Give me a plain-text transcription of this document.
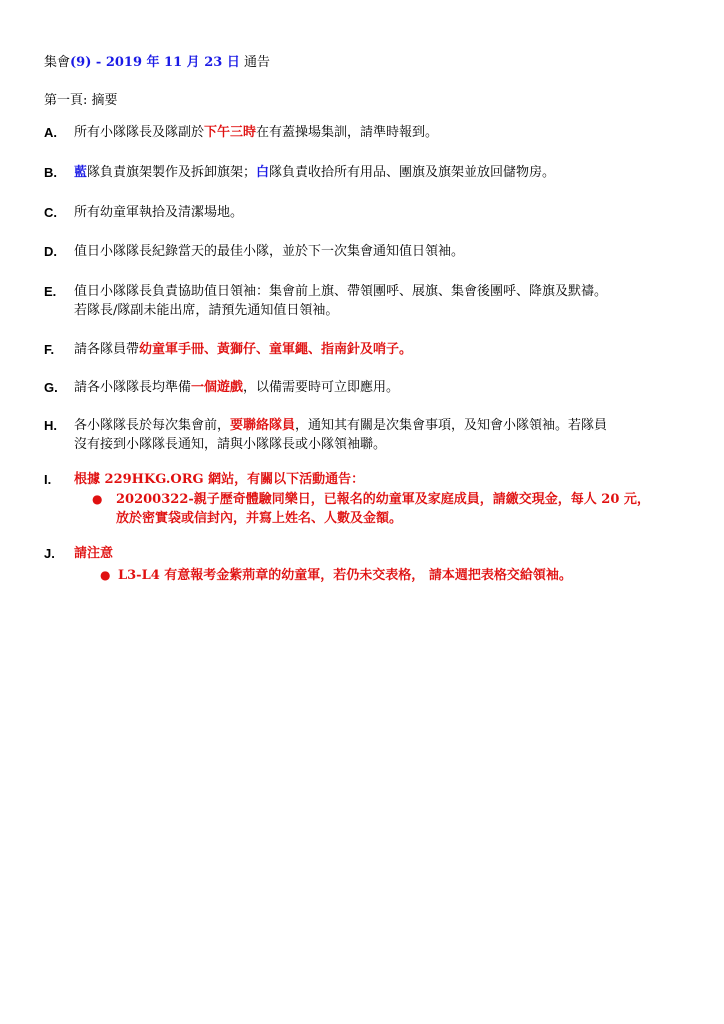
集會(9) - 2019 年 11 月 23 日 通告
第一頁: 摘要
A. 所有小隊隊長及隊副於下午三時在有蓋操場集訓，請準時報到。
B. 藍隊負責旗架製作及拆卸旗架；白隊負責收拾所有用品、團旗及旗架並放回儲物房。
C. 所有幼童軍執拾及清潔場地。
D. 值日小隊隊長紀錄當天的最佳小隊，並於下一次集會通知值日領袖。
E. 值日小隊隊長負責協助值日領袖：集會前上旗、帶領團呼、展旗、集會後團呼、降旗及默禱。
若隊長/隊副未能出席，請預先通知值日領袖。
F. 請各隊員帶幼童軍手冊、黃獅仔、童軍繩、指南針及哨子。
G. 請各小隊隊長均準備一個遊戲，以備需要時可立即應用。
H. 各小隊隊長於每次集會前，要聯絡隊員，通知其有關是次集會事項，及知會小隊領袖。若隊員
沒有接到小隊隊長通知，請與小隊隊長或小隊領袖聯。
I. 根據 229HKG.ORG 網站，有關以下活動通告：
● 20200322-親子歷奇體驗同樂日，已報名的幼童軍及家庭成員，請繳交現金，每人 20 元，
放於密實袋或信封內，并寫上姓名、人數及金額。
J. 請注意
● L3-L4 有意報考金紫荊章的幼童軍，若仍未交表格， 請本週把表格交給領袖。
